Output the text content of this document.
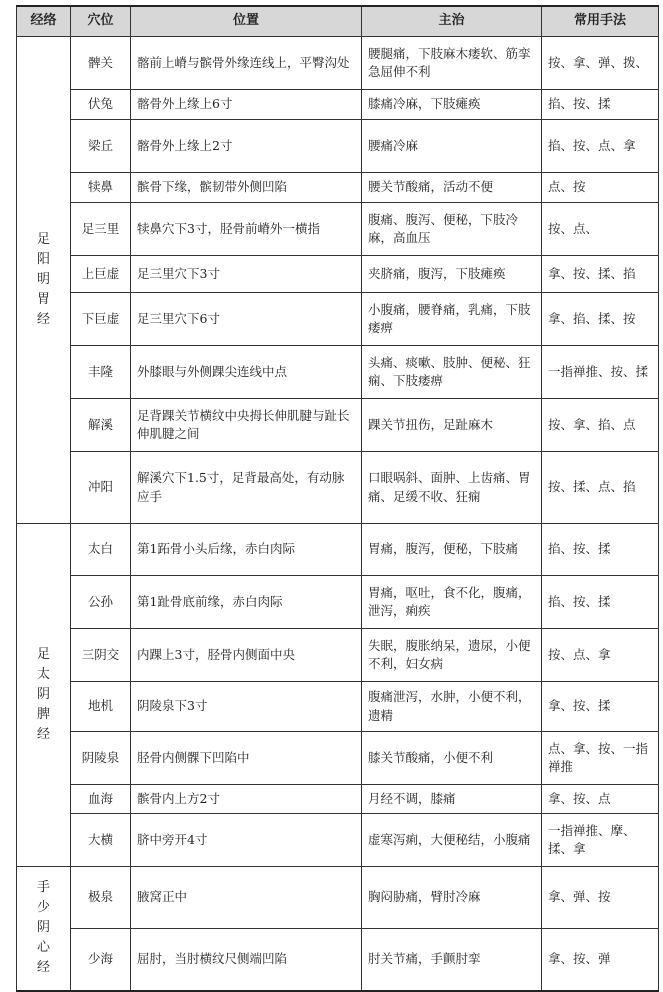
经络	穴位	位置	主治	常用手法

足阳明胃经	髀关	髂前上嵴与髌骨外缘连线上，平臀沟处	腰腿痛，下肢麻木痿软、筋挛急屈伸不利	按、拿、弹、拨、
	伏兔	髂骨外上缘上6寸	膝痛冷麻，下肢瘫痪	掐、按、揉
	梁丘	髂骨外上缘上2寸	腰痛冷麻	掐、按、点、拿
	犊鼻	髌骨下缘，髌韧带外侧凹陷	腰关节酸痛，活动不便	点、按
	足三里	犊鼻穴下3寸，胫骨前嵴外一横指	腹痛、腹泻、便秘，下肢冷麻，高血压	按、点、
	上巨虚	足三里穴下3寸	夹脐痛，腹泻，下肢瘫痪	拿、按、揉、掐
	下巨虚	足三里穴下6寸	小腹痛，腰脊痛，乳痛，下肢痿痹	拿、掐、揉、按
	丰隆	外膝眼与外侧踝尖连线中点	头痛、痰嗽、肢肿、便秘、狂痫、下肢痿痹	一指禅推、按、揉
	解溪	足背踝关节横纹中央拇长伸肌腱与趾长伸肌腱之间	踝关节扭伤，足趾麻木	按、拿、掐、点
	冲阳	解溪穴下1.5寸，足背最高处，有动脉应手	口眼㖞斜、面肿、上齿痛、胃痛、足缓不收、狂痫	按、揉、点、掐

足太阴脾经	太白	第1跖骨小头后缘，赤白肉际	胃痛，腹泻，便秘，下肢痛	掐、按、揉
	公孙	第1趾骨底前缘，赤白肉际	胃痛，呕吐，食不化，腹痛，泄泻，痢疾	掐、按、揉
	三阴交	内踝上3寸，胫骨内侧面中央	失眠，腹胀纳呆，遗尿，小便不利，妇女病	按、点、拿
	地机	阴陵泉下3寸	腹痛泄泻，水肿，小便不利，遗精	拿、按、揉
	阴陵泉	胫骨内侧髁下凹陷中	膝关节酸痛，小便不利	点、拿、按、一指禅推
	血海	髌骨内上方2寸	月经不调，膝痛	拿、按、点
	大横	脐中旁开4寸	虚寒泻痢，大便秘结，小腹痛	一指禅推、摩、揉、拿

手少阴心经	极泉	腋窝正中	胸闷胁痛，臂肘冷麻	拿、弹、按
	少海	屈肘，当肘横纹尺侧端凹陷	肘关节痛，手颤肘挛	拿、按、弹
